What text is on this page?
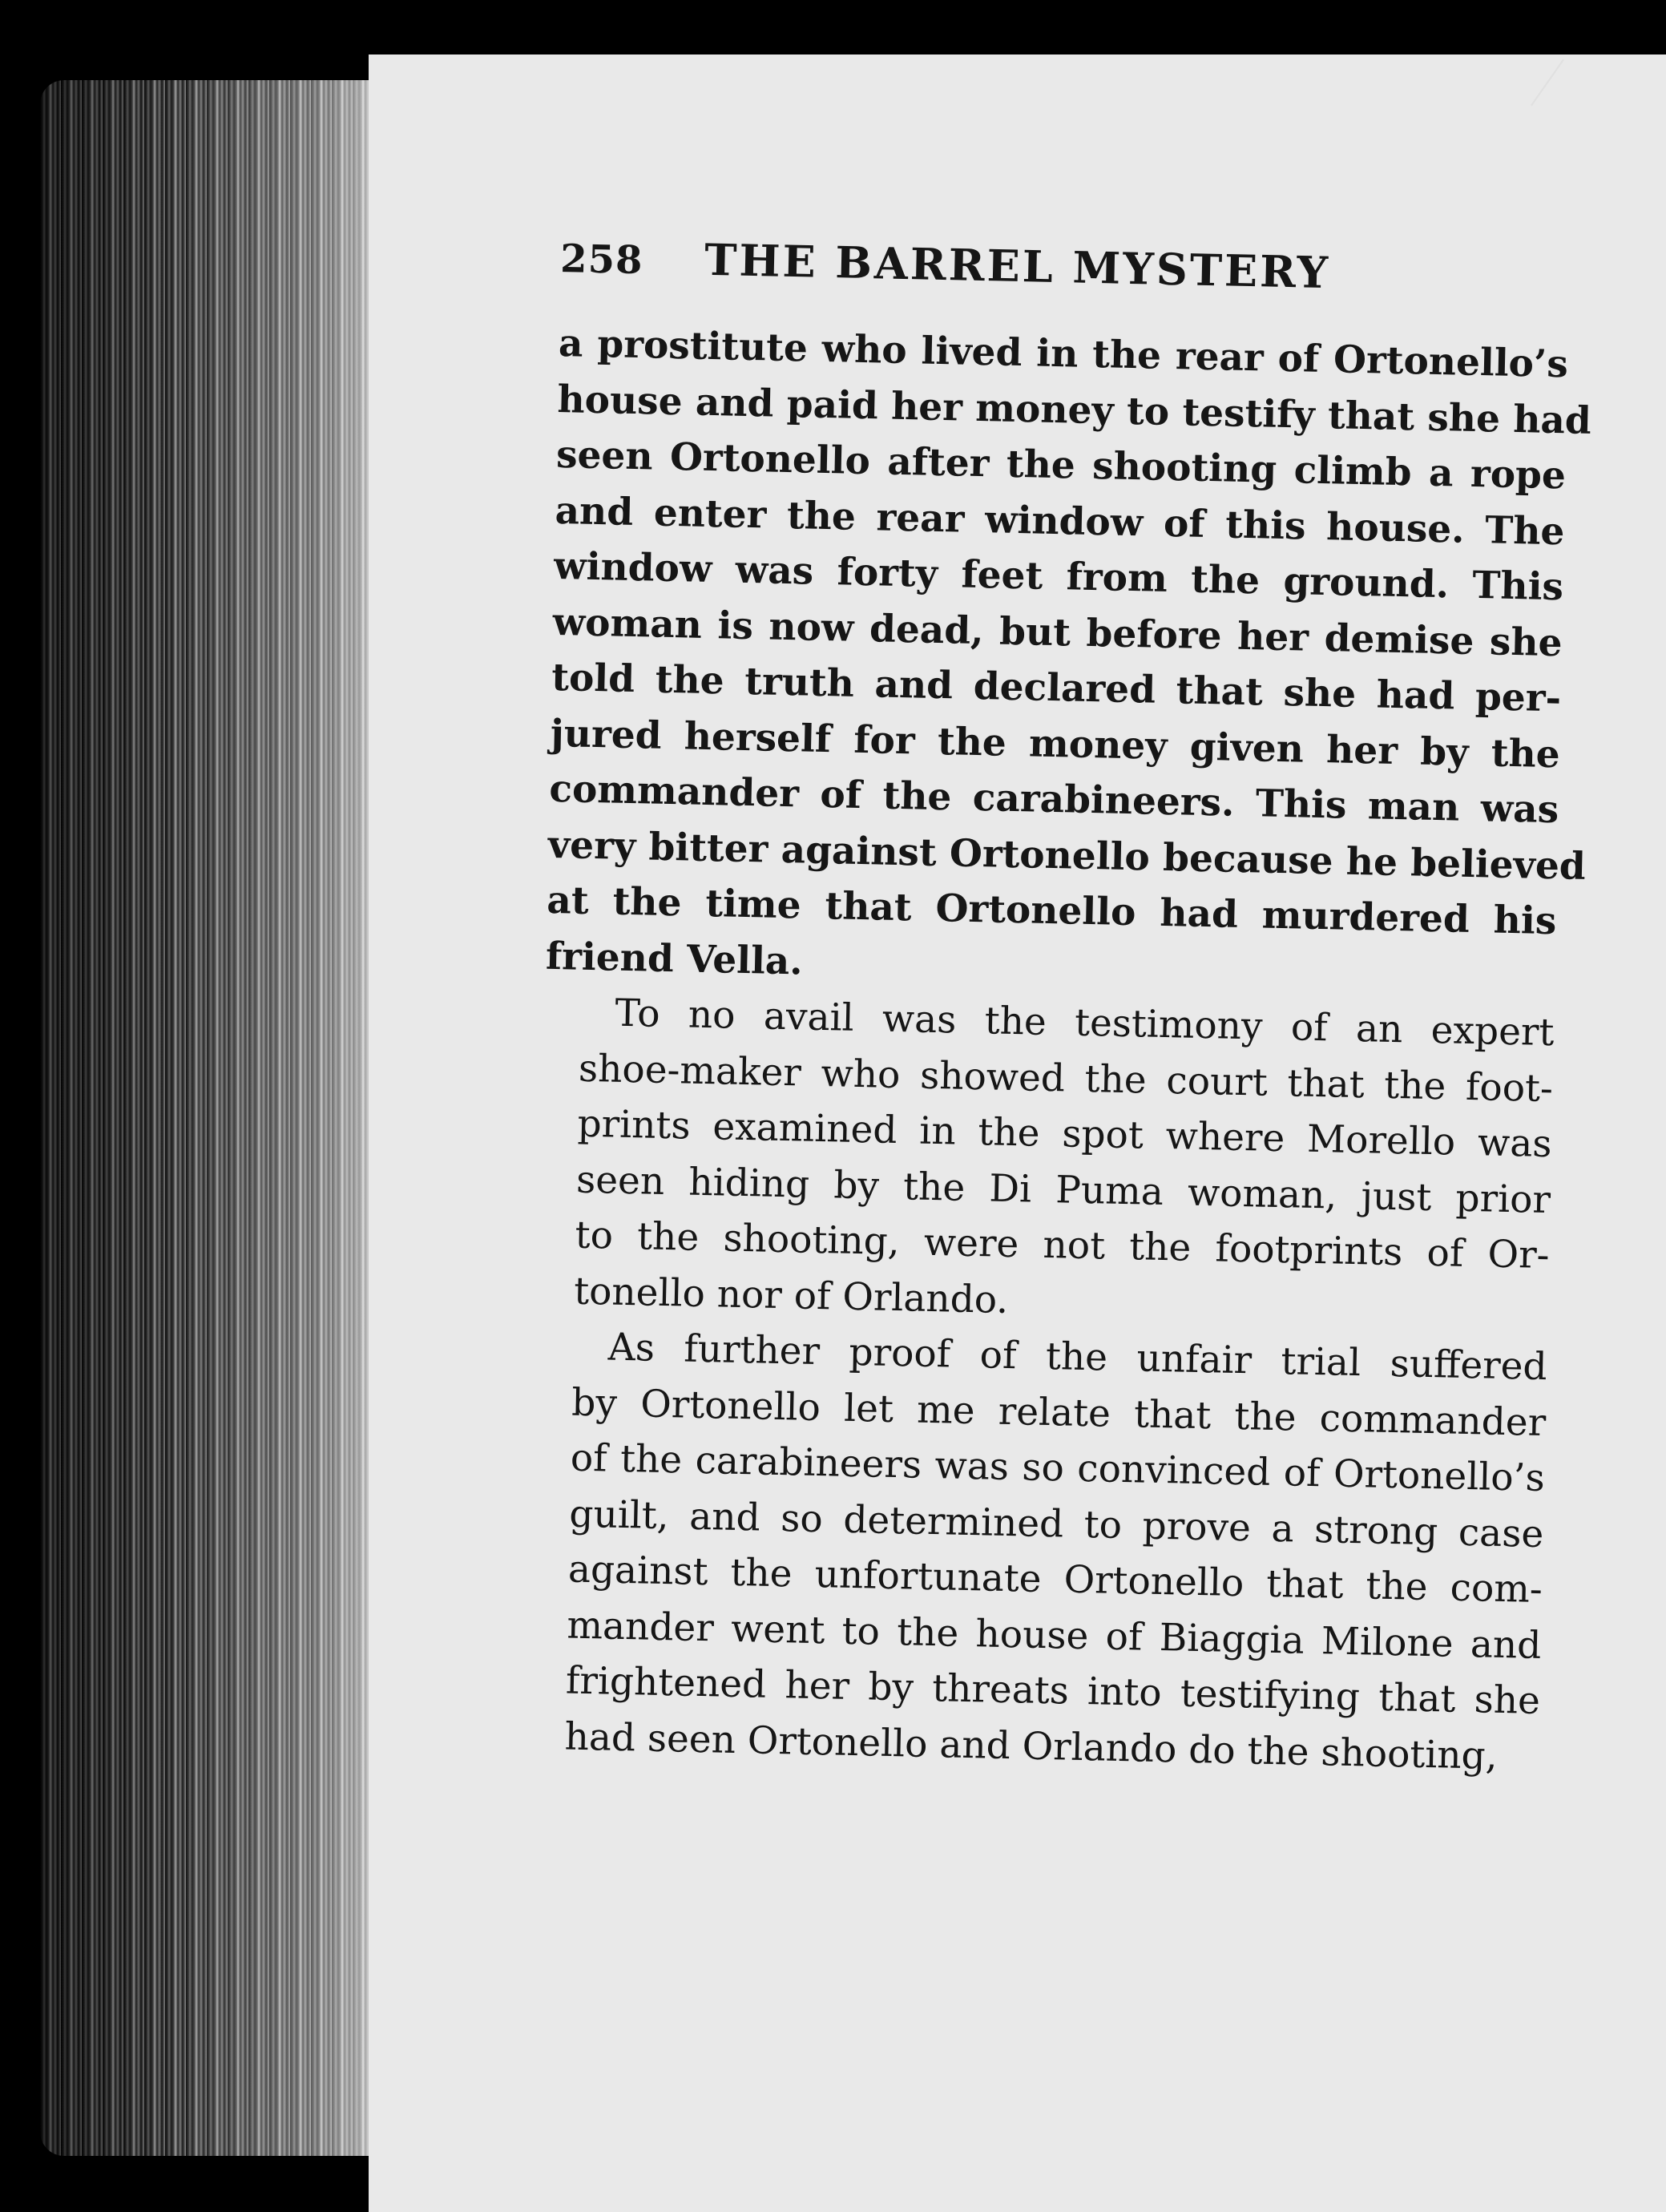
258	THE BARREL MYSTERY
a prostitute who lived in the rear of Ortonello’s
house and paid her money to testify that she had
seen Ortonello after the shooting climb a rope
and enter the rear window of this house. The
window was forty feet from the ground. This
woman is now dead, but before her demise she
told the truth and declared that she had per-
jured herself for the money given her by the
commander of the carabineers. This man was
very bitter against Ortonello because he believed
at the time that Ortonello had murdered his
friend Vella.
To no avail was the testimony of an expert
shoe-maker who showed the court that the foot-
prints examined in the spot where Morello was
seen hiding by the Di Puma woman, just prior
to the shooting, were not the footprints of Or-
tonello nor of Orlando.
As further proof of the unfair trial suffered
by Ortonello let me relate that the commander
of the carabineers was so convinced of Ortonello’s
guilt, and so determined to prove a strong case
against the unfortunate Ortonello that the com-
mander went to the house of Biaggia Milone and
frightened her by threats into testifying that she
had seen Ortonello and Orlando do the shooting,
